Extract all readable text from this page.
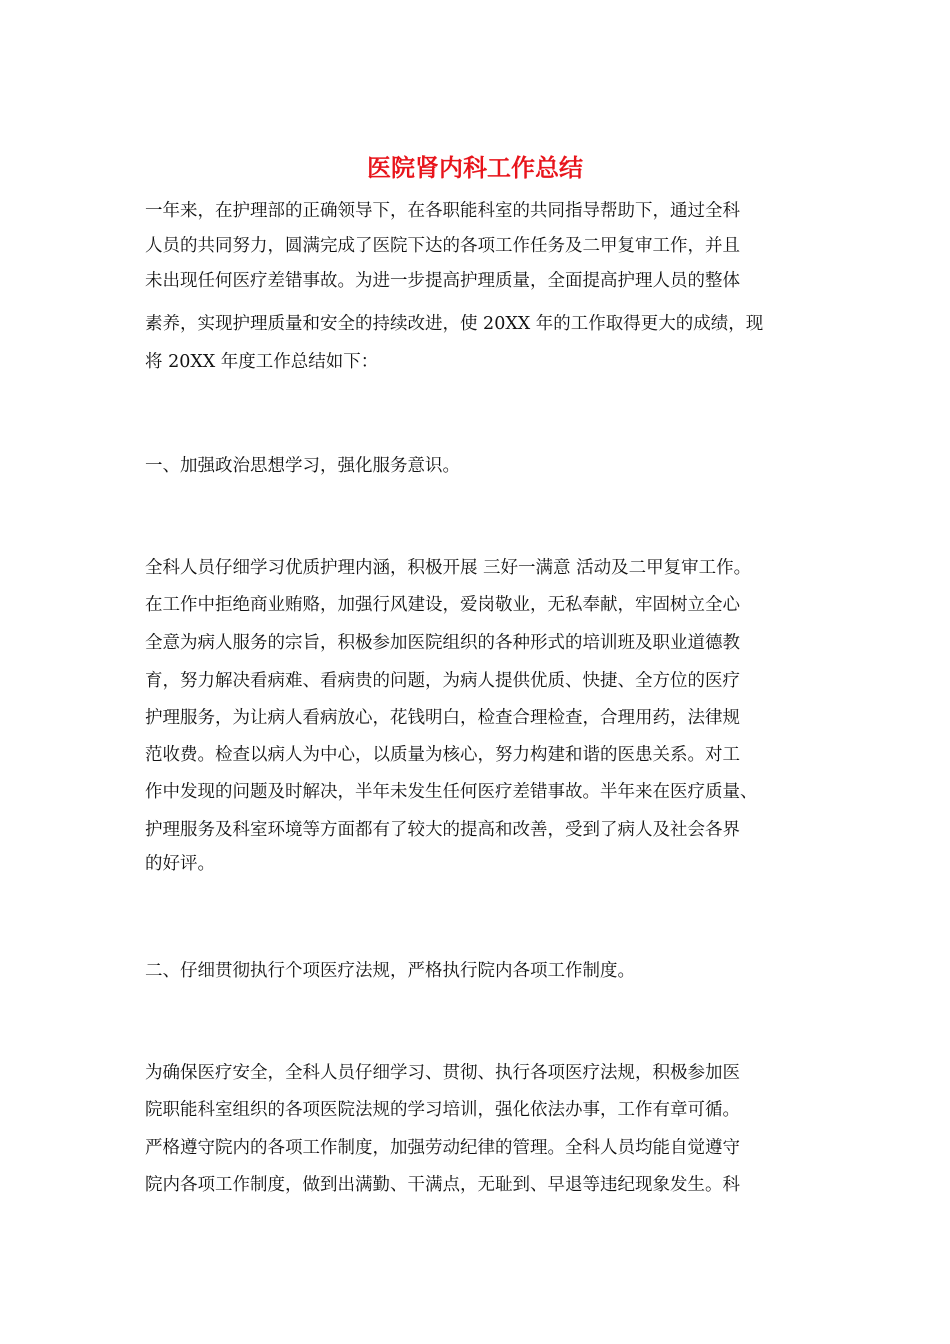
医院肾内科工作总结

一年来，在护理部的正确领导下，在各职能科室的共同指导帮助下，通过全科

人员的共同努力，圆满完成了医院下达的各项工作任务及二甲复审工作，并且

未出现任何医疗差错事故。为进一步提高护理质量，全面提高护理人员的整体

素养，实现护理质量和安全的持续改进，使 20XX 年的工作取得更大的成绩，现

将 20XX 年度工作总结如下：

一、加强政治思想学习，强化服务意识。

全科人员仔细学习优质护理内涵，积极开展 三好一满意 活动及二甲复审工作。

在工作中拒绝商业贿赂，加强行风建设，爱岗敬业，无私奉献，牢固树立全心

全意为病人服务的宗旨，积极参加医院组织的各种形式的培训班及职业道德教

育，努力解决看病难、看病贵的问题，为病人提供优质、快捷、全方位的医疗

护理服务，为让病人看病放心，花钱明白，检查合理检查，合理用药，法律规

范收费。检查以病人为中心，以质量为核心，努力构建和谐的医患关系。对工

作中发现的问题及时解决，半年未发生任何医疗差错事故。半年来在医疗质量、

护理服务及科室环境等方面都有了较大的提高和改善，受到了病人及社会各界

的好评。

二、仔细贯彻执行个项医疗法规，严格执行院内各项工作制度。

为确保医疗安全，全科人员仔细学习、贯彻、执行各项医疗法规，积极参加医

院职能科室组织的各项医院法规的学习培训，强化依法办事，工作有章可循。

严格遵守院内的各项工作制度，加强劳动纪律的管理。全科人员均能自觉遵守

院内各项工作制度，做到出满勤、干满点，无耻到、早退等违纪现象发生。科
